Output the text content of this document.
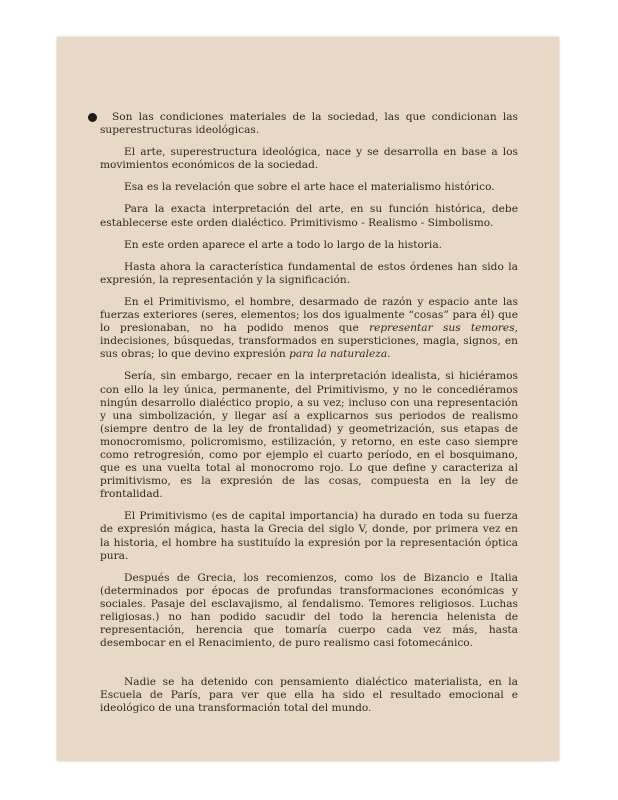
Son las condiciones materiales de la sociedad, las que condicionan las superestructuras ideológicas.

El arte, superestructura ideológica, nace y se desarrolla en base a los movimientos económicos de la sociedad.

Esa es la revelación que sobre el arte hace el materialismo histórico.

Para la exacta interpretación del arte, en su función histórica, debe establecerse este orden dialéctico. Primitivismo - Realismo - Simbolismo.

En este orden aparece el arte a todo lo largo de la historia.

Hasta ahora la característica fundamental de estos órdenes han sido la expresión, la representación y la significación.

En el Primitivismo, el hombre, desarmado de razón y espacio ante las fuerzas exteriores (seres, elementos; los dos igualmente “cosas” para él) que lo presionaban, no ha podido menos que representar sus temores, indecisiones, búsquedas, transformados en supersticiones, magia, signos, en sus obras; lo que devino expresión para la naturaleza.

Sería, sin embargo, recaer en la interpretación idealista, si hiciéramos con ello la ley única, permanente, del Primitivismo, y no le concediéramos ningún desarrollo dialéctico propio, a su vez; incluso con una representación y una simbolización, y llegar así a explicarnos sus periodos de realismo (siempre dentro de la ley de frontalidad) y geometrización, sus etapas de monocromismo, policromismo, estilización, y retorno, en este caso siempre como retrogresión, como por ejemplo el cuarto período, en el bosquimano, que es una vuelta total al monocromo rojo. Lo que define y caracteriza al primitivismo, es la expresión de las cosas, compuesta en la ley de frontalidad.

El Primitivismo (es de capital importancia) ha durado en toda su fuerza de expresión mágica, hasta la Grecia del siglo V, donde, por primera vez en la historia, el hombre ha sustituído la expresión por la representación óptica pura.

Después de Grecia, los recomienzos, como los de Bizancio e Italia (determinados por épocas de profundas transformaciones económicas y sociales. Pasaje del esclavajismo, al fendalismo. Temores religiosos. Luchas religiosas.) no han podido sacudir del todo la herencia helenista de representación, herencia que tomaría cuerpo cada vez más, hasta desembocar en el Renacimiento, de puro realismo casi fotomecánico.

Nadie se ha detenido con pensamiento dialéctico materialista, en la Escuela de París, para ver que ella ha sido el resultado emocional e ideológico de una transformación total del mundo.
